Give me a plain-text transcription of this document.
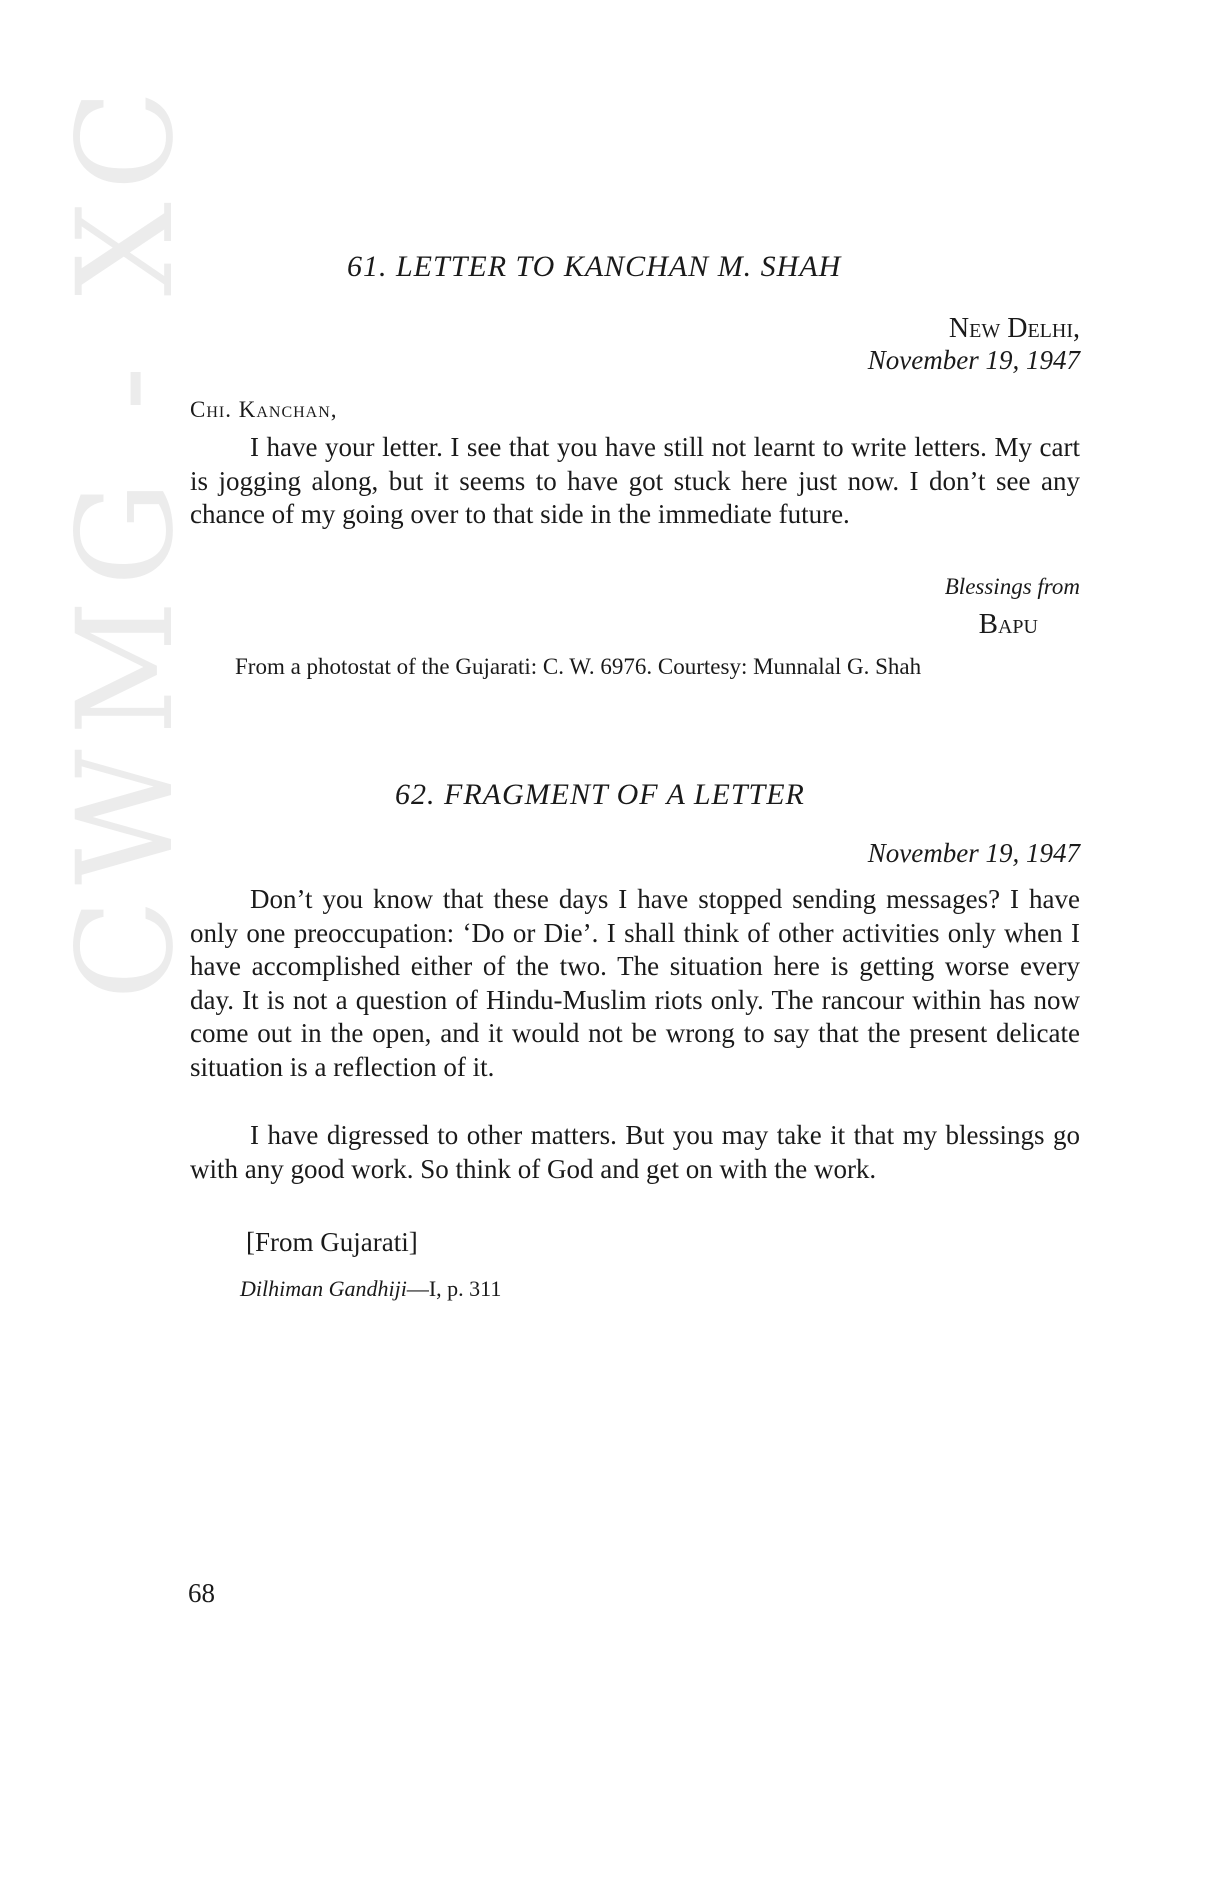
CWMG - XC	61. LETTER TO KANCHAN M. SHAH
New Delhi,
November 19, 1947
Chi. Kanchan,

I have your letter. I see that you have still not learnt to write letters. My cart is jogging along, but it seems to have got stuck here just now. I don’t see any chance of my going over to that side in the immediate future.

Blessings from
Bapu

From a photostat of the Gujarati: C. W. 6976. Courtesy: Munnalal G. Shah

62. FRAGMENT OF A LETTER
November 19, 1947

Don’t you know that these days I have stopped sending messages? I have only one preoccupation: ‘Do or Die’. I shall think of other activities only when I have accomplished either of the two. The situation here is getting worse every day. It is not a question of Hindu-Muslim riots only. The rancour within has now come out in the open, and it would not be wrong to say that the present delicate situation is a reflection of it.

I have digressed to other matters. But you may take it that my blessings go with any good work. So think of God and get on with the work.

[From Gujarati]
Dilhiman Gandhiji—I, p. 311
68
